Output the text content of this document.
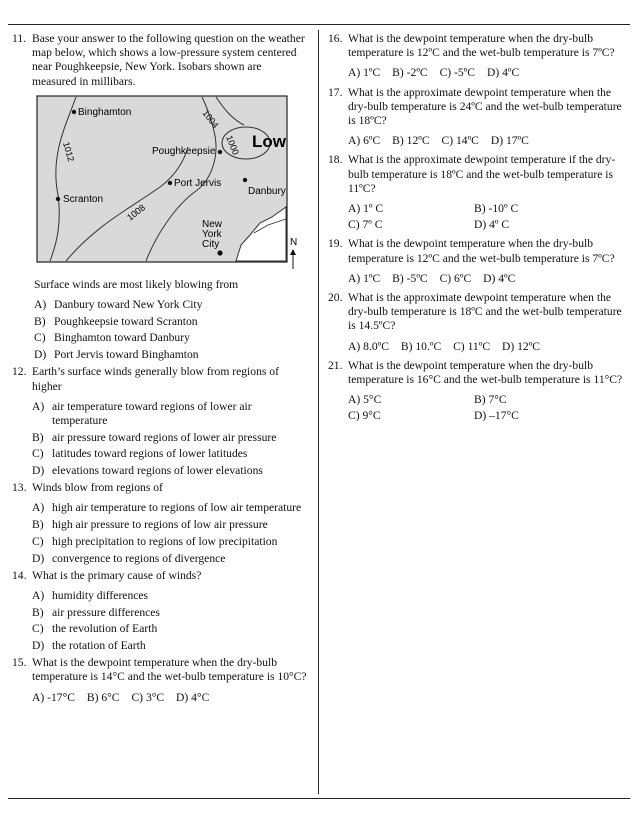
11. Base your answer to the following question on the weather map below, which shows a low-pressure system centered near Poughkeepsie, New York. Isobars shown are measured in millibars.
Binghamton
Poughkeepsie
Low
Port Jervis
Danbury
Scranton
New
York
City
1012
1008
1004
1000
N
Surface winds are most likely blowing from
A) Danbury toward New York City
B) Poughkeepsie toward Scranton
C) Binghamton toward Danbury
D) Port Jervis toward Binghamton
12. Earth’s surface winds generally blow from regions of higher
A) air temperature toward regions of lower air temperature
B) air pressure toward regions of lower air pressure
C) latitudes toward regions of lower latitudes
D) elevations toward regions of lower elevations
13. Winds blow from regions of
A) high air temperature to regions of low air temperature
B) high air pressure to regions of low air pressure
C) high precipitation to regions of low precipitation
D) convergence to regions of divergence
14. What is the primary cause of winds?
A) humidity differences
B) air pressure differences
C) the revolution of Earth
D) the rotation of Earth
15. What is the dewpoint temperature when the dry-bulb temperature is 14°C and the wet-bulb temperature is 10°C?
A) -17°C B) 6°C C) 3°C D) 4°C
16. What is the dewpoint temperature when the dry-bulb temperature is 12ºC and the wet-bulb temperature is 7ºC?
A) 1ºC B) -2ºC C) -5ºC D) 4ºC
17. What is the approximate dewpoint temperature when the dry-bulb temperature is 24ºC and the wet-bulb temperature is 18ºC?
A) 6ºC B) 12ºC C) 14ºC D) 17ºC
18. What is the approximate dewpoint temperature if the dry-bulb temperature is 18ºC and the wet-bulb temperature is 11ºC?
A) 1º C	B) -10º C
C) 7º C	D) 4º C
19. What is the dewpoint temperature when the dry-bulb temperature is 12ºC and the wet-bulb temperature is 7ºC?
A) 1ºC B) -5ºC C) 6ºC D) 4ºC
20. What is the approximate dewpoint temperature when the dry-bulb temperature is 18ºC and the wet-bulb temperature is 14.5ºC?
A) 8.0ºC B) 10.ºC C) 11ºC D) 12ºC
21. What is the dewpoint temperature when the dry-bulb temperature is 16°C and the wet-bulb temperature is 11°C?
A) 5°C	B) 7°C
C) 9°C	D) –17°C
